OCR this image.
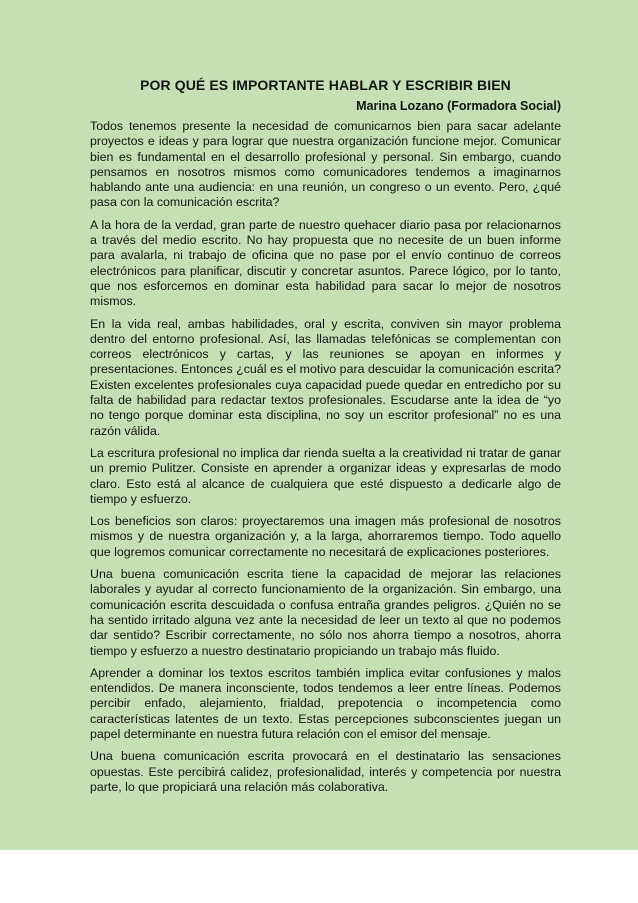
POR QUÉ ES IMPORTANTE HABLAR Y ESCRIBIR BIEN
Marina Lozano (Formadora Social)

Todos tenemos presente la necesidad de comunicarnos bien para sacar adelante proyectos e ideas y para lograr que nuestra organización funcione mejor. Comunicar bien es fundamental en el desarrollo profesional y personal. Sin embargo, cuando pensamos en nosotros mismos como comunicadores tendemos a imaginarnos hablando ante una audiencia: en una reunión, un congreso o un evento. Pero, ¿qué pasa con la comunicación escrita?

A la hora de la verdad, gran parte de nuestro quehacer diario pasa por relacionarnos a través del medio escrito. No hay propuesta que no necesite de un buen informe para avalarla, ni trabajo de oficina que no pase por el envío continuo de correos electrónicos para planificar, discutir y concretar asuntos. Parece lógico, por lo tanto, que nos esforcemos en dominar esta habilidad para sacar lo mejor de nosotros mismos.

En la vida real, ambas habilidades, oral y escrita, conviven sin mayor problema dentro del entorno profesional. Así, las llamadas telefónicas se complementan con correos electrónicos y cartas, y las reuniones se apoyan en informes y presentaciones. Entonces ¿cuál es el motivo para descuidar la comunicación escrita? Existen excelentes profesionales cuya capacidad puede quedar en entredicho por su falta de habilidad para redactar textos profesionales. Escudarse ante la idea de “yo no tengo porque dominar esta disciplina, no soy un escritor profesional” no es una razón válida.

La escritura profesional no implica dar rienda suelta a la creatividad ni tratar de ganar un premio Pulitzer. Consiste en aprender a organizar ideas y expresarlas de modo claro. Esto está al alcance de cualquiera que esté dispuesto a dedicarle algo de tiempo y esfuerzo.

Los beneficios son claros: proyectaremos una imagen más profesional de nosotros mismos y de nuestra organización y, a la larga, ahorraremos tiempo. Todo aquello que logremos comunicar correctamente no necesitará de explicaciones posteriores.

Una buena comunicación escrita tiene la capacidad de mejorar las relaciones laborales y ayudar al correcto funcionamiento de la organización. Sin embargo, una comunicación escrita descuidada o confusa entraña grandes peligros. ¿Quién no se ha sentido irritado alguna vez ante la necesidad de leer un texto al que no podemos dar sentido? Escribir correctamente, no sólo nos ahorra tiempo a nosotros, ahorra tiempo y esfuerzo a nuestro destinatario propiciando un trabajo más fluido.

Aprender a dominar los textos escritos también implica evitar confusiones y malos entendidos. De manera inconsciente, todos tendemos a leer entre líneas. Podemos percibir enfado, alejamiento, frialdad, prepotencia o incompetencia como características latentes de un texto. Estas percepciones subconscientes juegan un papel determinante en nuestra futura relación con el emisor del mensaje.

Una buena comunicación escrita provocará en el destinatario las sensaciones opuestas. Este percibirá calidez, profesionalidad, interés y competencia por nuestra parte, lo que propiciará una relación más colaborativa.
